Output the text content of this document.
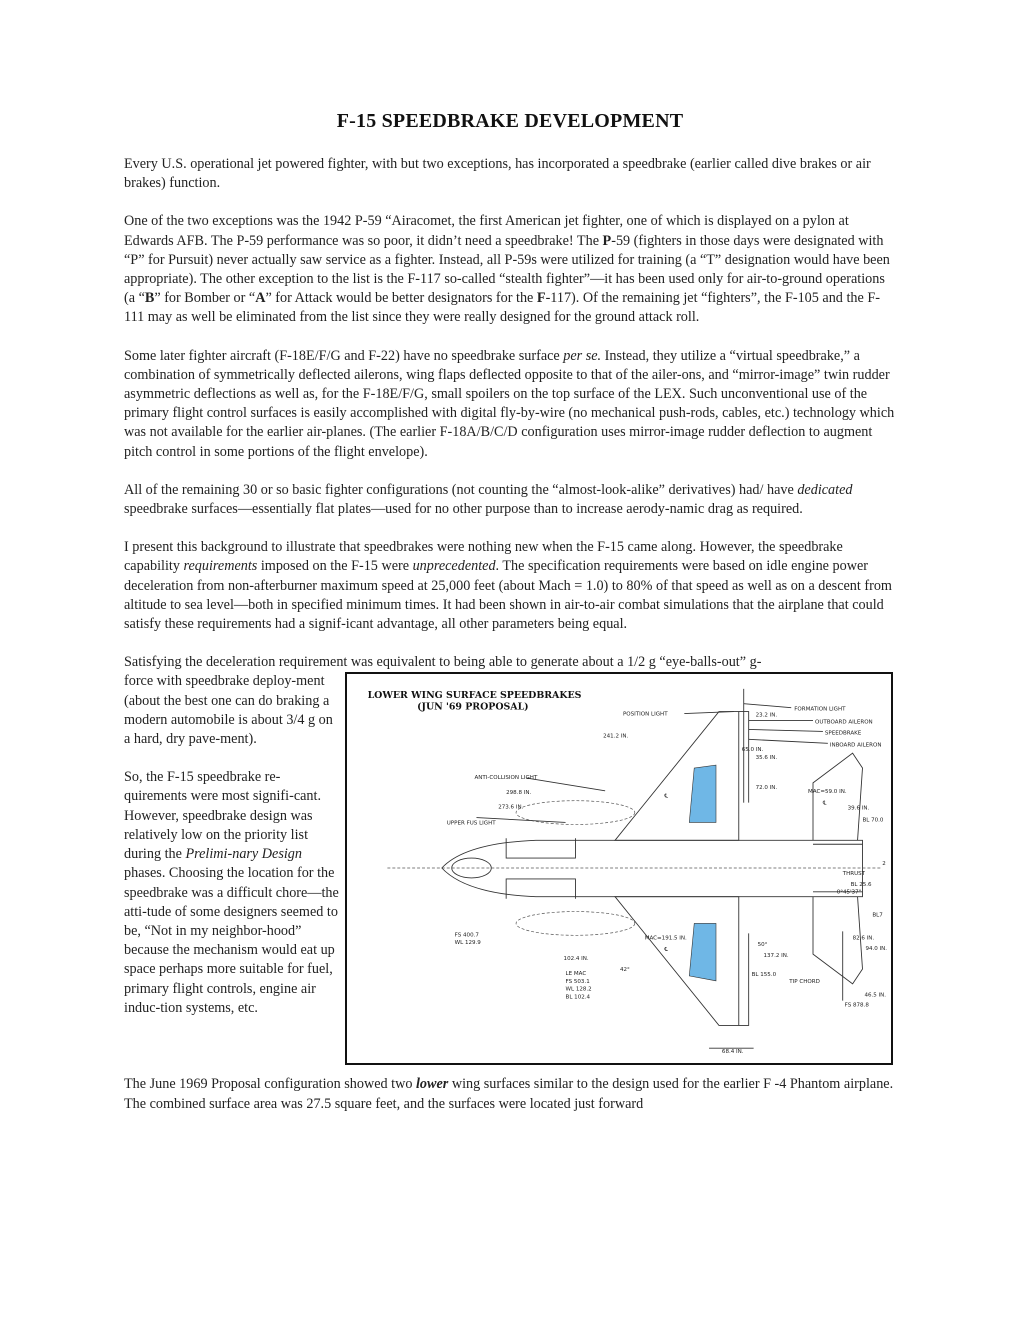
F-15 SPEEDBRAKE DEVELOPMENT

Every U.S. operational jet powered fighter, with but two exceptions, has incorporated a speedbrake (earlier called dive brakes or air brakes) function.

One of the two exceptions was the 1942 P-59 “Airacomet, the first American jet fighter, one of which is displayed on a pylon at Edwards AFB. The P-59 performance was so poor, it didn’t need a speedbrake! The P-59 (fighters in those days were designated with “P” for Pursuit) never actually saw service as a fighter. Instead, all P-59s were utilized for training (a “T” designation would have been appropriate). The other exception to the list is the F-117 so-called “stealth fighter”—it has been used only for air-to-ground operations (a “B” for Bomber or “A” for Attack would be better designators for the F-117). Of the remaining jet “fighters”, the F-105 and the F-111 may as well be eliminated from the list since they were really designed for the ground attack roll.

Some later fighter aircraft (F-18E/F/G and F-22) have no speedbrake surface per se. Instead, they utilize a “virtual speedbrake,” a combination of symmetrically deflected ailerons, wing flaps deflected opposite to that of the ailer-ons, and “mirror-image” twin rudder asymmetric deflections as well as, for the F-18E/F/G, small spoilers on the top surface of the LEX. Such unconventional use of the primary flight control surfaces is easily accomplished with digital fly-by-wire (no mechanical push-rods, cables, etc.) technology which was not available for the earlier air-planes. (The earlier F-18A/B/C/D configuration uses mirror-image rudder deflection to augment pitch control in some portions of the flight envelope).

All of the remaining 30 or so basic fighter configurations (not counting the “almost-look-alike” derivatives) had/ have dedicated speedbrake surfaces—essentially flat plates—used for no other purpose than to increase aerody-namic drag as required.

I present this background to illustrate that speedbrakes were nothing new when the F-15 came along. However, the speedbrake capability requirements imposed on the F-15 were unprecedented. The specification requirements were based on idle engine power deceleration from non-afterburner maximum speed at 25,000 feet (about Mach = 1.0) to 80% of that speed as well as on a descent from altitude to sea level—both in specified minimum times. It had been shown in air-to-air combat simulations that the airplane that could satisfy these requirements had a signif-icant advantage, all other parameters being equal.

Satisfying the deceleration requirement was equivalent to being able to generate about a 1/2 g “eye-balls-out” g-

force with speedbrake deploy-ment (about the best one can do braking a modern automobile is about 3/4 g on a hard, dry pave-ment).

So, the F-15 speedbrake re-quirements were most signifi-cant. However, speedbrake design was relatively low on the priority list during the Prelimi-nary Design phases. Choosing the location for the speedbrake was a difficult chore—the atti-tude of some designers seemed to be, “Not in my neighbor-hood” because the mechanism would eat up space perhaps more suitable for fuel, primary flight controls, engine air induc-tion systems, etc.

LOWER WING SURFACE SPEEDBRAKES
(JUN '69 PROPOSAL)
POSITION LIGHT
FORMATION LIGHT
OUTBOARD AILERON
SPEEDBRAKE
INBOARD AILERON
23.2 IN.
241.2 IN.
35.6 IN.
65.0 IN.
72.0 IN.
MAC=59.0 IN.
39.6 IN.
BL 70.0
ANTI-COLLISION LIGHT
298.8 IN.
273.6 IN.
UPPER FUS LIGHT
℄
℄
2
THRUST
BL 25.6
0°45'37"
BL7
FS 400.7
WL 129.9
MAC=191.5 IN.
℄
50°
137.2 IN.
82.6 IN.
94.0 IN.
102.4 IN.
LE MAC
FS 503.1
WL 128.2
BL 102.4
42°
BL 155.0
TIP CHORD
46.5 IN.
FS 878.8
68.4 IN.

The June 1969 Proposal configuration showed two lower wing surfaces similar to the design used for the earlier F -4 Phantom airplane. The combined surface area was 27.5 square feet, and the surfaces were located just forward
